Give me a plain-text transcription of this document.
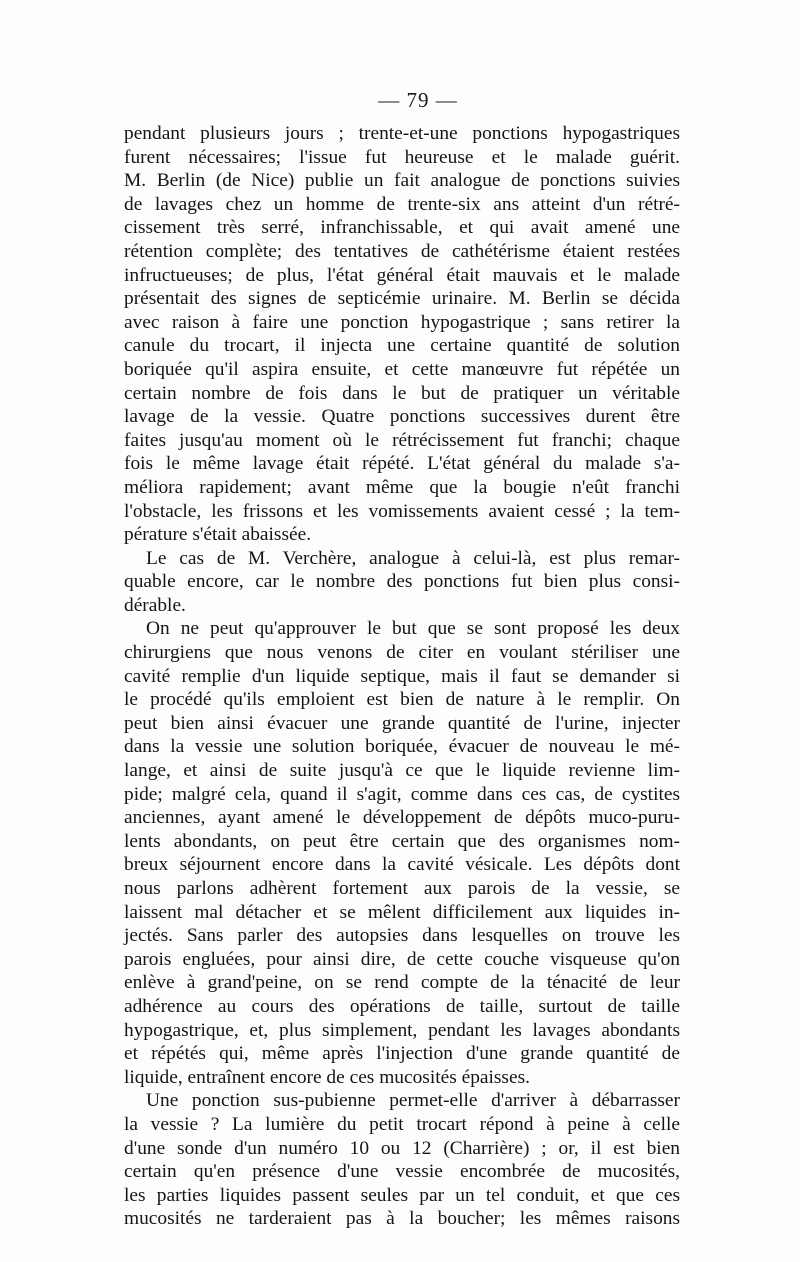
— 79 —
pendant plusieurs jours ; trente-et-une ponctions hypogastriques
furent nécessaires; l'issue fut heureuse et le malade guérit.
M. Berlin (de Nice) publie un fait analogue de ponctions suivies
de lavages chez un homme de trente-six ans atteint d'un rétré-
cissement très serré, infranchissable, et qui avait amené une
rétention complète; des tentatives de cathétérisme étaient restées
infructueuses; de plus, l'état général était mauvais et le malade
présentait des signes de septicémie urinaire. M. Berlin se décida
avec raison à faire une ponction hypogastrique ; sans retirer la
canule du trocart, il injecta une certaine quantité de solution
boriquée qu'il aspira ensuite, et cette manœuvre fut répétée un
certain nombre de fois dans le but de pratiquer un véritable
lavage de la vessie. Quatre ponctions successives durent être
faites jusqu'au moment où le rétrécissement fut franchi; chaque
fois le même lavage était répété. L'état général du malade s'a-
méliora rapidement; avant même que la bougie n'eût franchi
l'obstacle, les frissons et les vomissements avaient cessé ; la tem-
pérature s'était abaissée.
Le cas de M. Verchère, analogue à celui-là, est plus remar-
quable encore, car le nombre des ponctions fut bien plus consi-
dérable.
On ne peut qu'approuver le but que se sont proposé les deux
chirurgiens que nous venons de citer en voulant stériliser une
cavité remplie d'un liquide septique, mais il faut se demander si
le procédé qu'ils emploient est bien de nature à le remplir. On
peut bien ainsi évacuer une grande quantité de l'urine, injecter
dans la vessie une solution boriquée, évacuer de nouveau le mé-
lange, et ainsi de suite jusqu'à ce que le liquide revienne lim-
pide; malgré cela, quand il s'agit, comme dans ces cas, de cystites
anciennes, ayant amené le développement de dépôts muco-puru-
lents abondants, on peut être certain que des organismes nom-
breux séjournent encore dans la cavité vésicale. Les dépôts dont
nous parlons adhèrent fortement aux parois de la vessie, se
laissent mal détacher et se mêlent difficilement aux liquides in-
jectés. Sans parler des autopsies dans lesquelles on trouve les
parois engluées, pour ainsi dire, de cette couche visqueuse qu'on
enlève à grand'peine, on se rend compte de la ténacité de leur
adhérence au cours des opérations de taille, surtout de taille
hypogastrique, et, plus simplement, pendant les lavages abondants
et répétés qui, même après l'injection d'une grande quantité de
liquide, entraînent encore de ces mucosités épaisses.
Une ponction sus-pubienne permet-elle d'arriver à débarrasser
la vessie ? La lumière du petit trocart répond à peine à celle
d'une sonde d'un numéro 10 ou 12 (Charrière) ; or, il est bien
certain qu'en présence d'une vessie encombrée de mucosités,
les parties liquides passent seules par un tel conduit, et que ces
mucosités ne tarderaient pas à la boucher; les mêmes raisons
